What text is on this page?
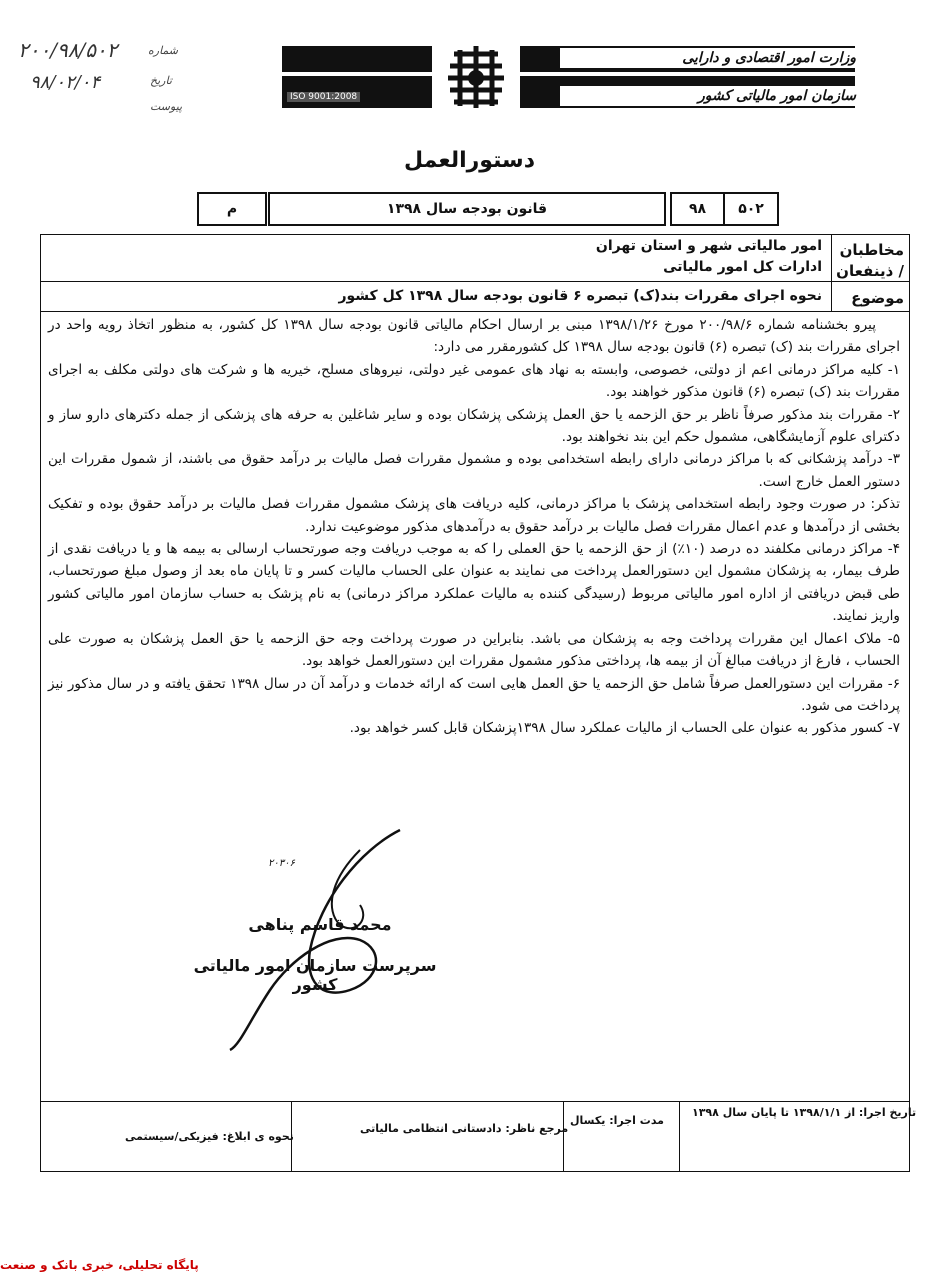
۲۰۰/۹۸/۵۰۲	شماره
۹۸/۰۲/۰۴	تاریخ
پیوست
ISO 9001:2008
وزارت امور اقتصادی و دارایی
سازمان امور مالیاتی کشور
دستورالعمل
۵۰۲
۹۸
قانون بودجه سال ۱۳۹۸
م
مخاطبان / ذینفعان
امور مالیاتی شهر و استان تهران
ادارات کل امور مالیاتی
موضوع
نحوه اجرای مقررات بند(ک) تبصره ۶ قانون بودجه سال ۱۳۹۸ کل کشور

پیرو بخشنامه شماره ۲۰۰/۹۸/۶ مورخ ۱۳۹۸/۱/۲۶ مبنی بر ارسال احکام مالیاتی قانون بودجه سال ۱۳۹۸ کل کشور، به منظور اتخاذ رویه واحد در اجرای مقررات بند (ک) تبصره (۶) قانون بودجه سال ۱۳۹۸ کل کشورمقرر می دارد:

۱- کلیه مراکز درمانی اعم از دولتی، خصوصی، وابسته به نهاد های عمومی غیر دولتی، نیروهای مسلح، خیریه ها و شرکت های دولتی مکلف به اجرای مقررات بند (ک) تبصره (۶) قانون مذکور خواهند بود.

۲- مقررات بند مذکور صرفاً ناظر بر حق الزحمه یا حق العمل پزشکی پزشکان بوده و سایر شاغلین به حرفه های پزشکی از جمله دکترهای دارو ساز و دکترای علوم آزمایشگاهی، مشمول حکم این بند نخواهند بود.

۳- درآمد پزشکانی که با مراکز درمانی دارای رابطه استخدامی بوده و مشمول مقررات فصل مالیات بر درآمد حقوق می باشند، از شمول مقررات این دستور العمل خارج است.

تذکر: در صورت وجود رابطه استخدامی پزشک با مراکز درمانی، کلیه دریافت های پزشک مشمول مقررات فصل مالیات بر درآمد حقوق بوده و تفکیک بخشی از درآمدها و عدم اعمال مقررات فصل مالیات بر درآمد حقوق به درآمدهای مذکور موضوعیت ندارد.

۴- مراکز درمانی مکلفند ده درصد (۱۰٪) از حق الزحمه یا حق العملی را که به موجب دریافت وجه صورتحساب ارسالی به بیمه ها و یا دریافت نقدی از طرف بیمار، به پزشکان مشمول این دستورالعمل پرداخت می نمایند به عنوان علی الحساب مالیات کسر و تا پایان ماه بعد از وصول مبلغ صورتحساب، طی قبض دریافتی از اداره امور مالیاتی مربوط (رسیدگی کننده به مالیات عملکرد مراکز درمانی) به نام پزشک به حساب سازمان امور مالیاتی کشور واریز نمایند.

۵- ملاک اعمال این مقررات پرداخت وجه به پزشکان می باشد. بنابراین در صورت پرداخت وجه حق الزحمه یا حق العمل پزشکان به صورت علی الحساب ، فارغ از دریافت مبالغ آن از بیمه ها، پرداختی مذکور مشمول مقررات این دستورالعمل خواهد بود.

۶- مقررات این دستورالعمل صرفاً شامل حق الزحمه یا حق العمل هایی است که ارائه خدمات و درآمد آن در سال ۱۳۹۸ تحقق یافته و در سال مذکور نیز پرداخت می شود.

۷- کسور مذکور به عنوان علی الحساب از مالیات عملکرد سال ۱۳۹۸پزشکان قابل کسر خواهد بود.

۲۰۳۰۶
محمد قاسم پناهی
سرپرست سازمان امور مالیاتی کشور
تاریخ اجرا: از ۱۳۹۸/۱/۱ تا پایان سال ۱۳۹۸
مدت اجرا: یکسال
مرجع ناظر: دادستانی انتظامی مالیاتی
نحوه ی ابلاغ: فیزیکی/سیستمی
پایگاه تحلیلی، خبری بانک و صنعت
